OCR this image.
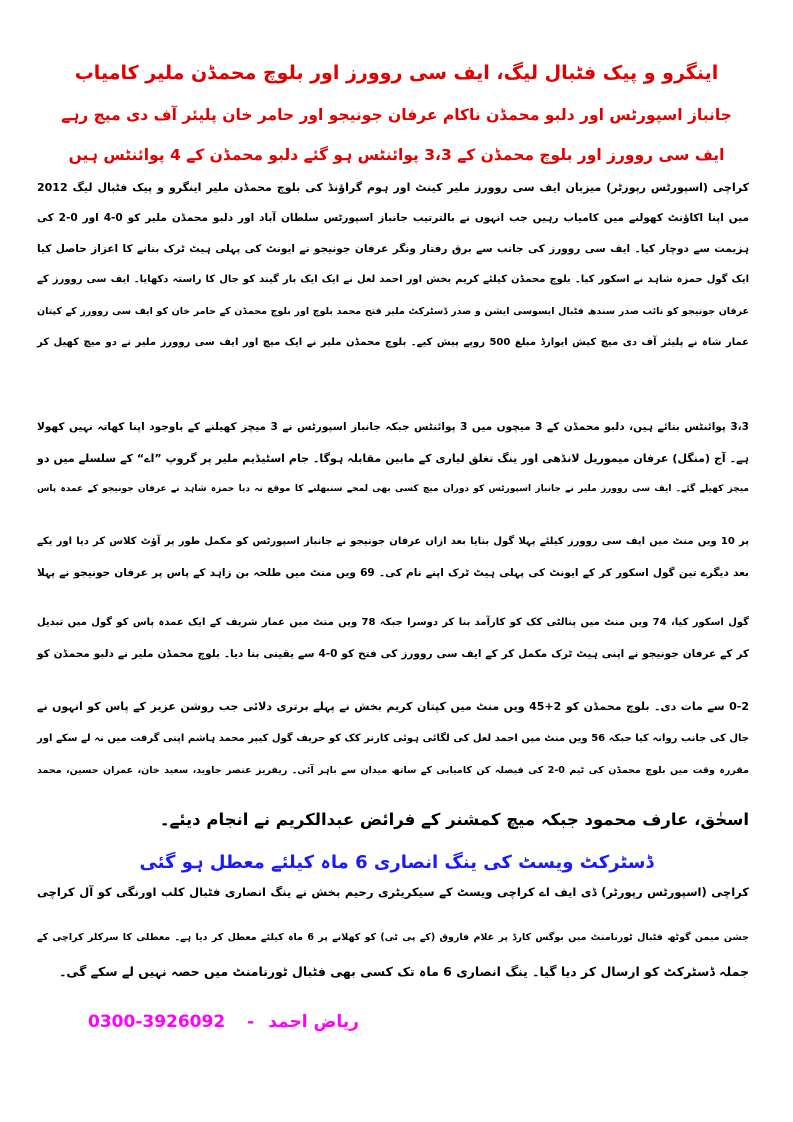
اینگرو و پیک فٹبال لیگ، ایف سی روورز اور بلوچ محمڈن ملیر کامیاب
جانباز اسپورٹس اور دلبو محمڈن ناکام عرفان جونیجو اور حامر خان پلیئر آف دی میچ رہے
ایف سی روورز اور بلوچ محمڈن کے 3،3 پوائنٹس ہو گئے دلبو محمڈن کے 4 پوائنٹس ہیں
کراچی (اسپورٹس رپورٹر) میزبان ایف سی روورز ملیر کینٹ اور ہوم گراؤنڈ کی بلوچ محمڈن ملیر اینگرو و پیک فٹبال لیگ 2012
میں اپنا اکاؤنٹ کھولنے میں کامیاب رہیں جب انہوں نے بالترتیب جانباز اسپورٹس سلطان آباد اور دلبو محمڈن ملیر کو 0-4 اور 0-2 کی
ہزیمت سے دوچار کیا۔ ایف سی روورز کی جانب سے برق رفتار ونگر عرفان جونیجو نے ایونٹ کی پہلی ہیٹ ٹرک بنانے کا اعزاز حاصل کیا
ایک گول حمزہ شاہد نے اسکور کیا۔ بلوچ محمڈن کیلئے کریم بخش اور احمد لعل نے ایک ایک بار گیند کو جال کا راستہ دکھایا۔ ایف سی روورز کے
عرفان جونیجو کو نائب صدر سندھ فٹبال ایسوسی ایشن و صدر ڈسٹرکٹ ملیر فتح محمد بلوچ اور بلوچ محمڈن کے حامر خان کو ایف سی روورز کے کپتان
عمار شاہ نے پلیئر آف دی میچ کیش ایوارڈ مبلغ 500 روپے پیش کیے۔ بلوچ محمڈن ملیر نے ایک میچ اور ایف سی روورز ملیر نے دو میچ کھیل کر
3،3 پوائنٹس بنائے ہیں، دلبو محمڈن کے 3 میچوں میں 3 پوائنٹس جبکہ جانباز اسپورٹس نے 3 میچز کھیلنے کے باوجود اپنا کھاتہ نہیں کھولا
ہے۔ آج (منگل) عرفان میموریل لانڈھی اور ینگ تغلق لیاری کے مابین مقابلہ ہوگا۔ جام اسٹیڈیم ملیر پر گروپ ”اے“ کے سلسلے میں دو
میچز کھیلے گئے۔ ایف سی روورز ملیر نے جانباز اسپورٹس کو دوران میچ کسی بھی لمحے سنبھلنے کا موقع نہ دیا حمزہ شاہد نے عرفان جونیجو کے عمدہ پاس
پر 10 ویں منٹ میں ایف سی روورز کیلئے پہلا گول بنایا بعد ازاں عرفان جونیجو نے جانباز اسپورٹس کو مکمل طور پر آؤٹ کلاس کر دیا اور یکے
بعد دیگرے تین گول اسکور کر کے ایونٹ کی پہلی ہیٹ ٹرک اپنے نام کی۔ 69 ویں منٹ میں طلحہ بن زاہد کے پاس پر عرفان جونیجو نے پہلا
گول اسکور کیا، 74 ویں منٹ میں پنالٹی کک کو کارآمد بنا کر دوسرا جبکہ 78 ویں منٹ میں عمار شریف کے ایک عمدہ پاس کو گول میں تبدیل
کر کے عرفان جونیجو نے اپنی ہیٹ ٹرک مکمل کر کے ایف سی روورز کی فتح کو 0-4 سے یقینی بنا دیا۔ بلوچ محمڈن ملیر نے دلبو محمڈن کو
0-2 سے مات دی۔ بلوچ محمڈن کو 2+45 ویں منٹ میں کپتان کریم بخش نے پہلے برتری دلائی جب روشن عزیز کے پاس کو انہوں نے
جال کی جانب روانہ کیا جبکہ 56 ویں منٹ میں احمد لعل کی لگائی ہوئی کارنر کک کو حریف گول کیپر محمد ہاشم اپنی گرفت میں نہ لے سکے اور
مقررہ وقت میں بلوچ محمڈن کی ٹیم 0-2 کی فیصلہ کن کامیابی کے ساتھ میدان سے باہر آئی۔ ریفریز عنصر جاوید، سعید خان، عمران حسین، محمد
اسحٰق، عارف محمود جبکہ میچ کمشنر کے فرائض عبدالکریم نے انجام دیئے۔
ڈسٹرکٹ ویسٹ کی ینگ انصاری 6 ماہ کیلئے معطل ہو گئی
کراچی (اسپورٹس رپورٹر) ڈی ایف اے کراچی ویسٹ کے سیکریٹری رحیم بخش نے ینگ انصاری فٹبال کلب اورنگی کو آل کراچی
جشن میمن گوٹھ فٹبال ٹورنامنٹ میں بوگس کارڈ پر غلام فاروق (کے پی ٹی) کو کھلانے پر 6 ماہ کیلئے معطل کر دیا ہے۔ معطلی کا سرکلر کراچی کے
جملہ ڈسٹرکٹ کو ارسال کر دیا گیا۔ ینگ انصاری 6 ماہ تک کسی بھی فٹبال ٹورنامنٹ میں حصہ نہیں لے سکے گی۔
0300-3926092 - ریاض احمد
